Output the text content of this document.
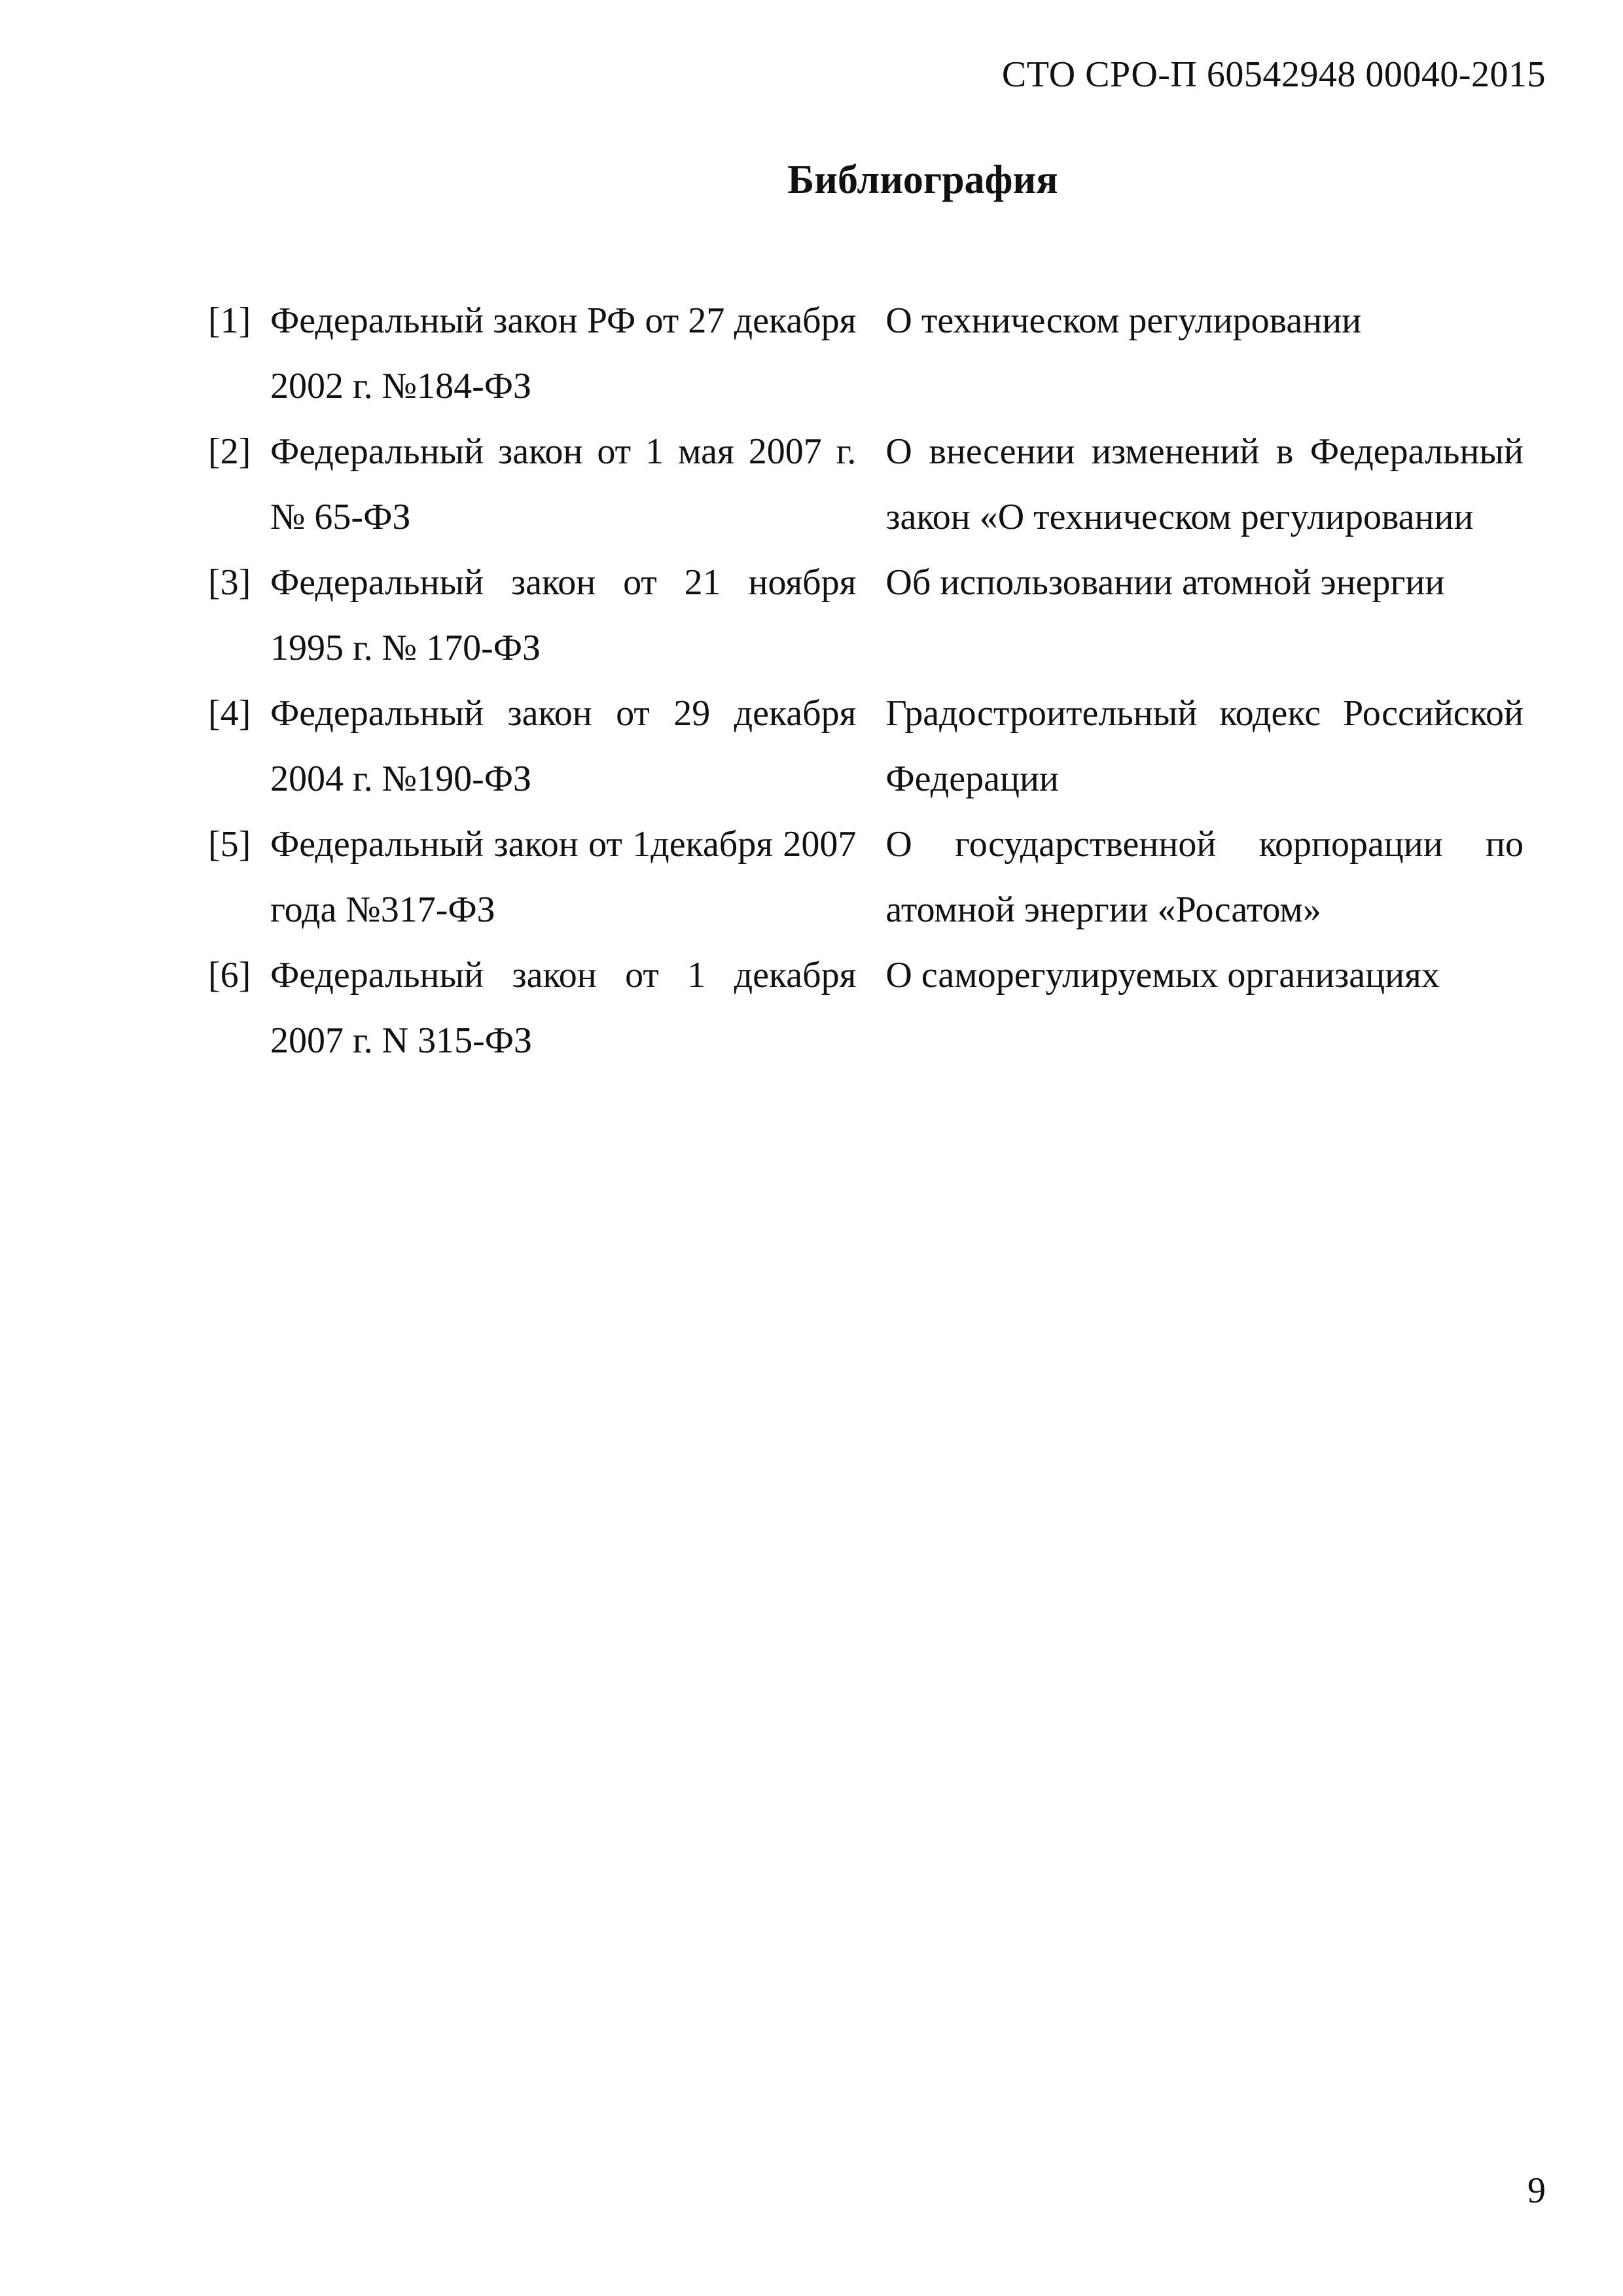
СТО СРО-П 60542948 00040-2015
Библиография
[1] Федеральный закон РФ от 27 декабря 2002 г. №184-ФЗ
О техническом регулировании
[2] Федеральный закон от 1 мая 2007 г. № 65-ФЗ
О внесении изменений в Федеральный закон «О техническом регулировании
[3] Федеральный закон от 21 ноября 1995 г. № 170-ФЗ
Об использовании атомной энергии
[4] Федеральный закон от 29 декабря 2004 г. №190-ФЗ
Градостроительный кодекс Российской Федерации
[5] Федеральный закон от 1декабря 2007 года №317-ФЗ
О государственной корпорации по атомной энергии «Росатом»
[6] Федеральный закон от 1 декабря 2007 г. N 315-ФЗ
О саморегулируемых организациях
9
